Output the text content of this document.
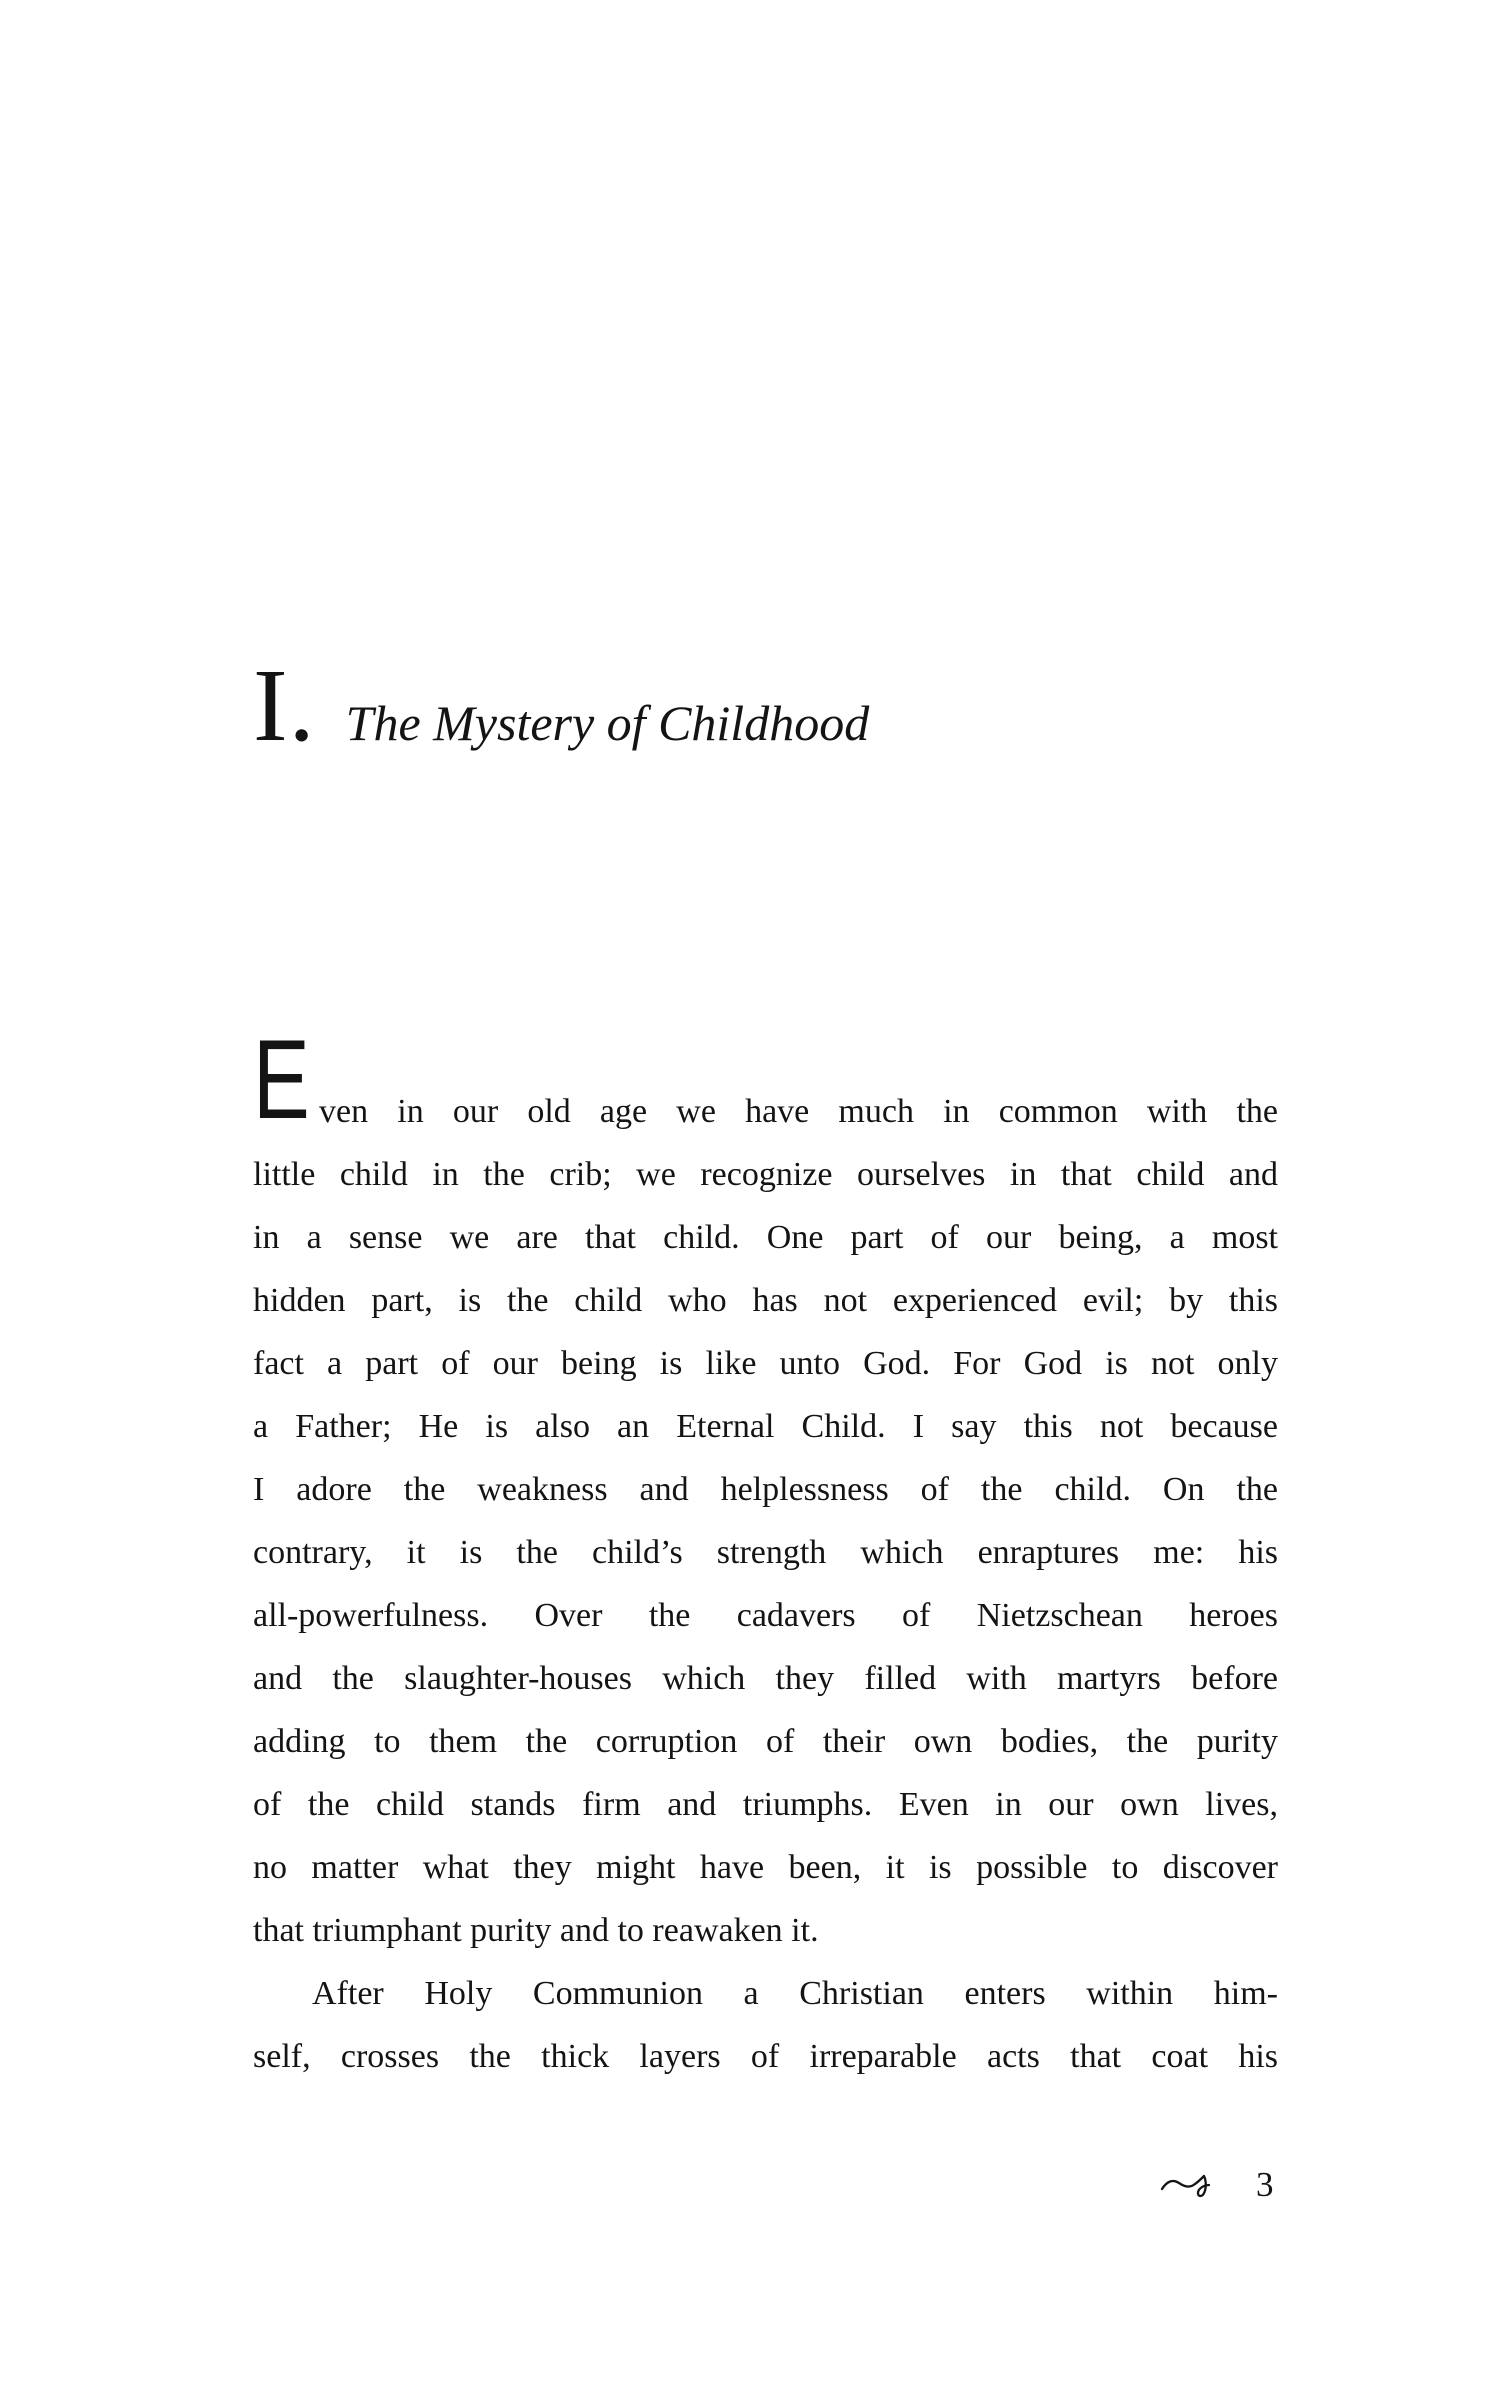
I. The Mystery of Childhood
E ven in our old age we have much in common with the
little child in the crib; we recognize ourselves in that child and
in a sense we are that child. One part of our being, a most
hidden part, is the child who has not experienced evil; by this
fact a part of our being is like unto God. For God is not only
a Father; He is also an Eternal Child. I say this not because
I adore the weakness and helplessness of the child. On the
contrary, it is the child’s strength which enraptures me: his
all-powerfulness. Over the cadavers of Nietzschean heroes
and the slaughter-houses which they filled with martyrs before
adding to them the corruption of their own bodies, the purity
of the child stands firm and triumphs. Even in our own lives,
no matter what they might have been, it is possible to discover
that triumphant purity and to reawaken it.
After Holy Communion a Christian enters within him-
self, crosses the thick layers of irreparable acts that coat his
3
